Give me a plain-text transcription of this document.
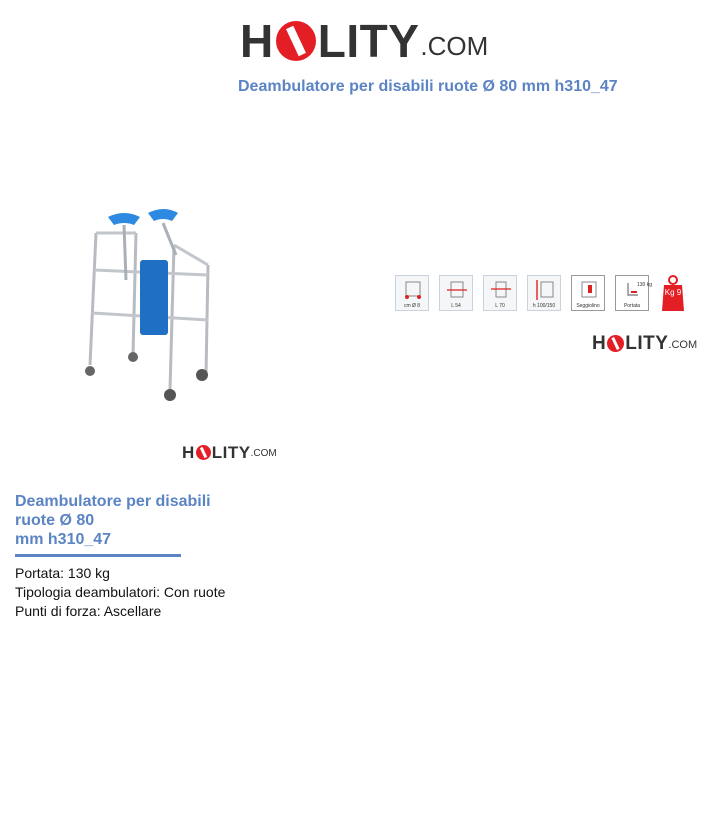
H LITY .COM
Deambulatore per disabili ruote Ø 80 mm h310_47
H LITY .COM
cm Ø 8	L 54	L 70	h 100/150	Seggiolino
130 kg
Portata
Kg 9
H LITY .COM
Deambulatore per disabili
ruote Ø 80
mm h310_47
Portata: 130 kg
Tipologia deambulatori: Con ruote
Punti di forza: Ascellare
